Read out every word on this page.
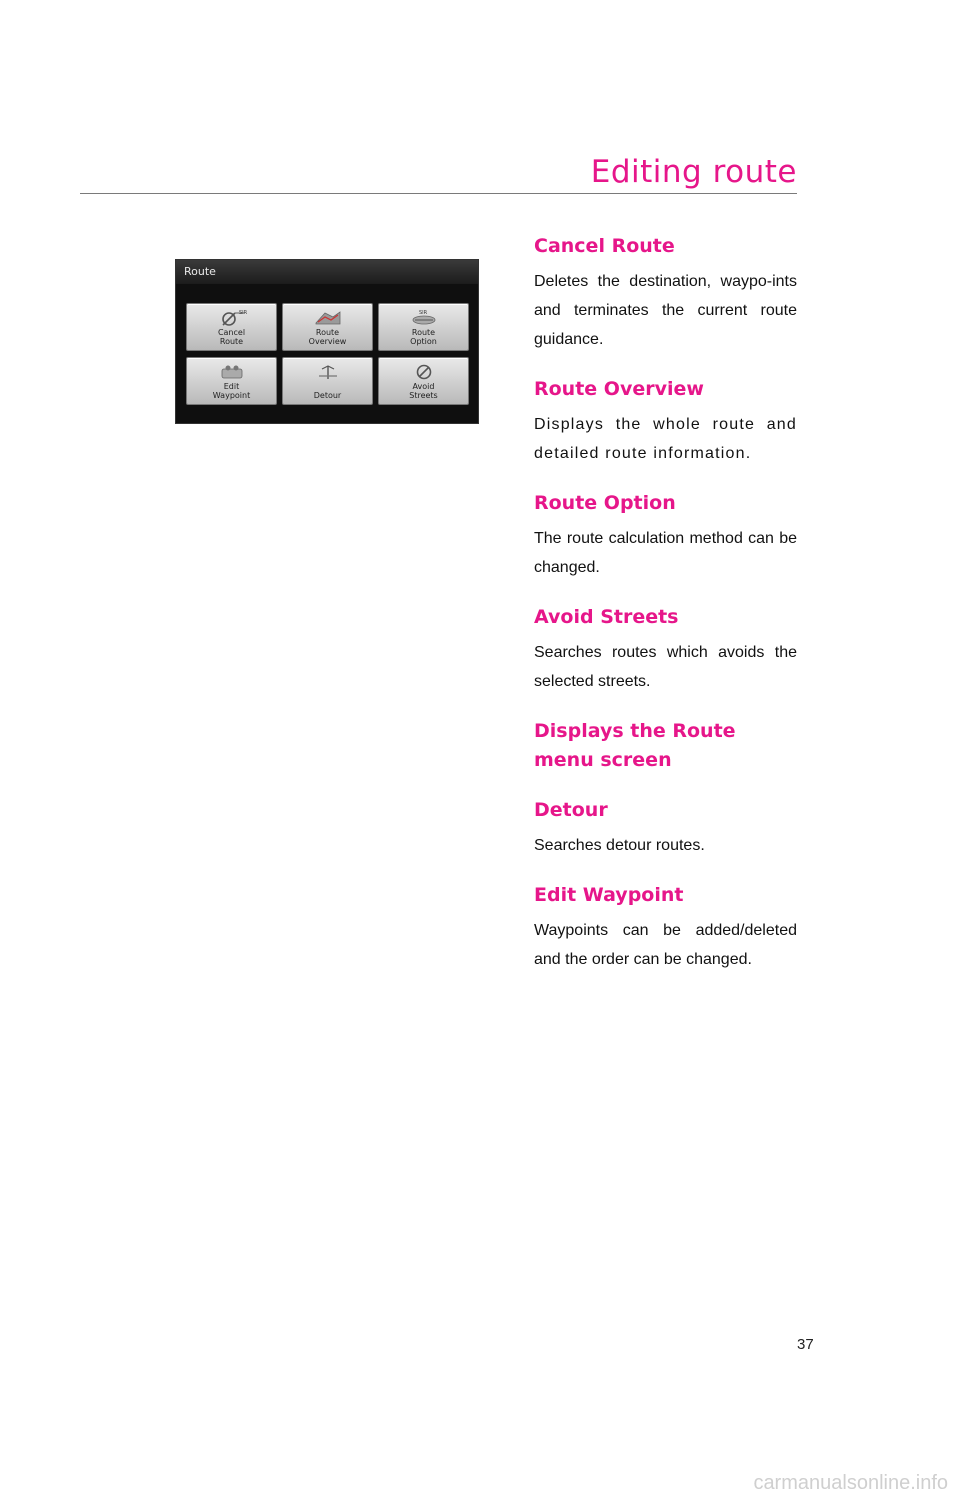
Editing route
Route
SIR
Cancel
Route
Route
Overview
SIR
Route
Option
Edit
Waypoint	Detour
Avoid
Streets
Cancel Route

Deletes the destination, waypo-ints and terminates the current route guidance.

Route Overview

Displays the whole route and detailed route information.

Route Option

The route calculation method can be changed.

Avoid Streets

Searches routes which avoids the selected streets.

Displays the Route menu screen
Detour

Searches detour routes.

Edit Waypoint

Waypoints can be added/deleted and the order can be changed.

37
carmanualsonline.info
